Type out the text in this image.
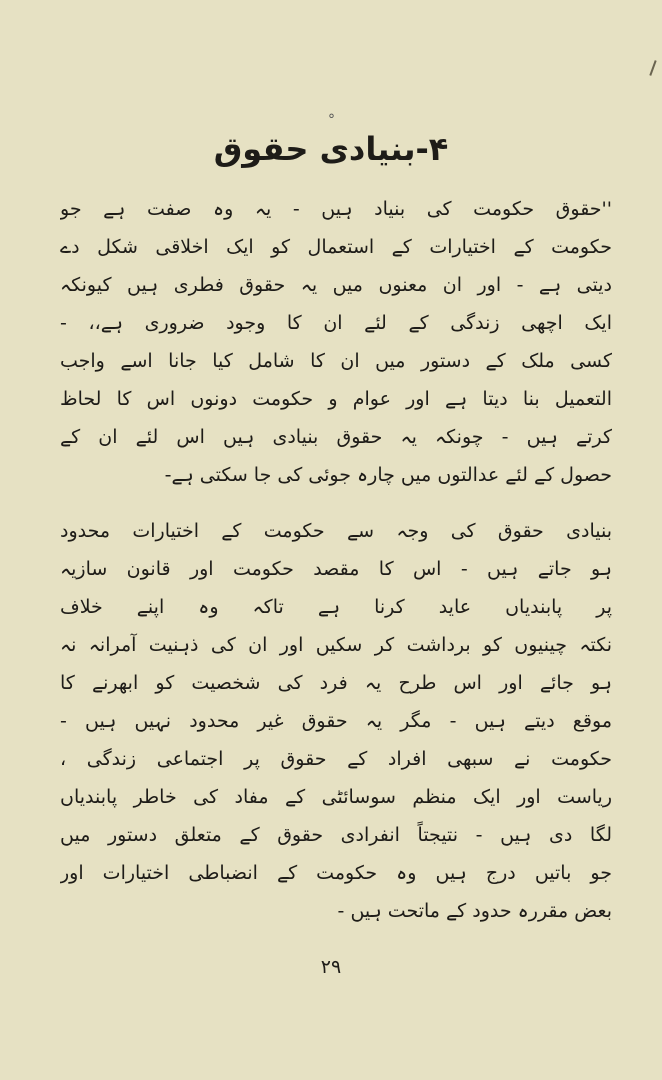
°
۴-بنیادی حقوق
''حقوق حکومت کی بنیاد ہیں - یہ وہ صفت ہے جو
حکومت کے اختیارات کے استعمال کو ایک اخلاقی شکل دے
دیتی ہے - اور ان معنوں میں یہ حقوق فطری ہیں کیونکہ
ایک اچھی زندگی کے لئے ان کا وجود ضروری ہے،، -
کسی ملک کے دستور میں ان کا شامل کیا جانا اسے واجب
التعمیل بنا دیتا ہے اور عوام و حکومت دونوں اس کا لحاظ
کرتے ہیں - چونکہ یہ حقوق بنیادی ہیں اس لئے ان کے
حصول کے لئے عدالتوں میں چارہ جوئی کی جا سکتی ہے-
بنیادی حقوق کی وجہ سے حکومت کے اختیارات محدود
ہو جاتے ہیں - اس کا مقصد حکومت اور قانون سازیہ
پر پابندیاں عاید کرنا ہے تاکہ وہ اپنے خلاف
نکتہ چینیوں کو برداشت کر سکیں اور ان کی ذہنیت آمرانہ نہ
ہو جائے اور اس طرح یہ فرد کی شخصیت کو ابھرنے کا
موقع دیتے ہیں - مگر یہ حقوق غیر محدود نہیں ہیں -
حکومت نے سبھی افراد کے حقوق پر اجتماعی زندگی ،
ریاست اور ایک منظم سوسائٹی کے مفاد کی خاطر پابندیاں
لگا دی ہیں - نتیجتاً انفرادی حقوق کے متعلق دستور میں
جو باتیں درج ہیں وہ حکومت کے انضباطی اختیارات اور
بعض مقررہ حدود کے ماتحت ہیں -
۲۹
